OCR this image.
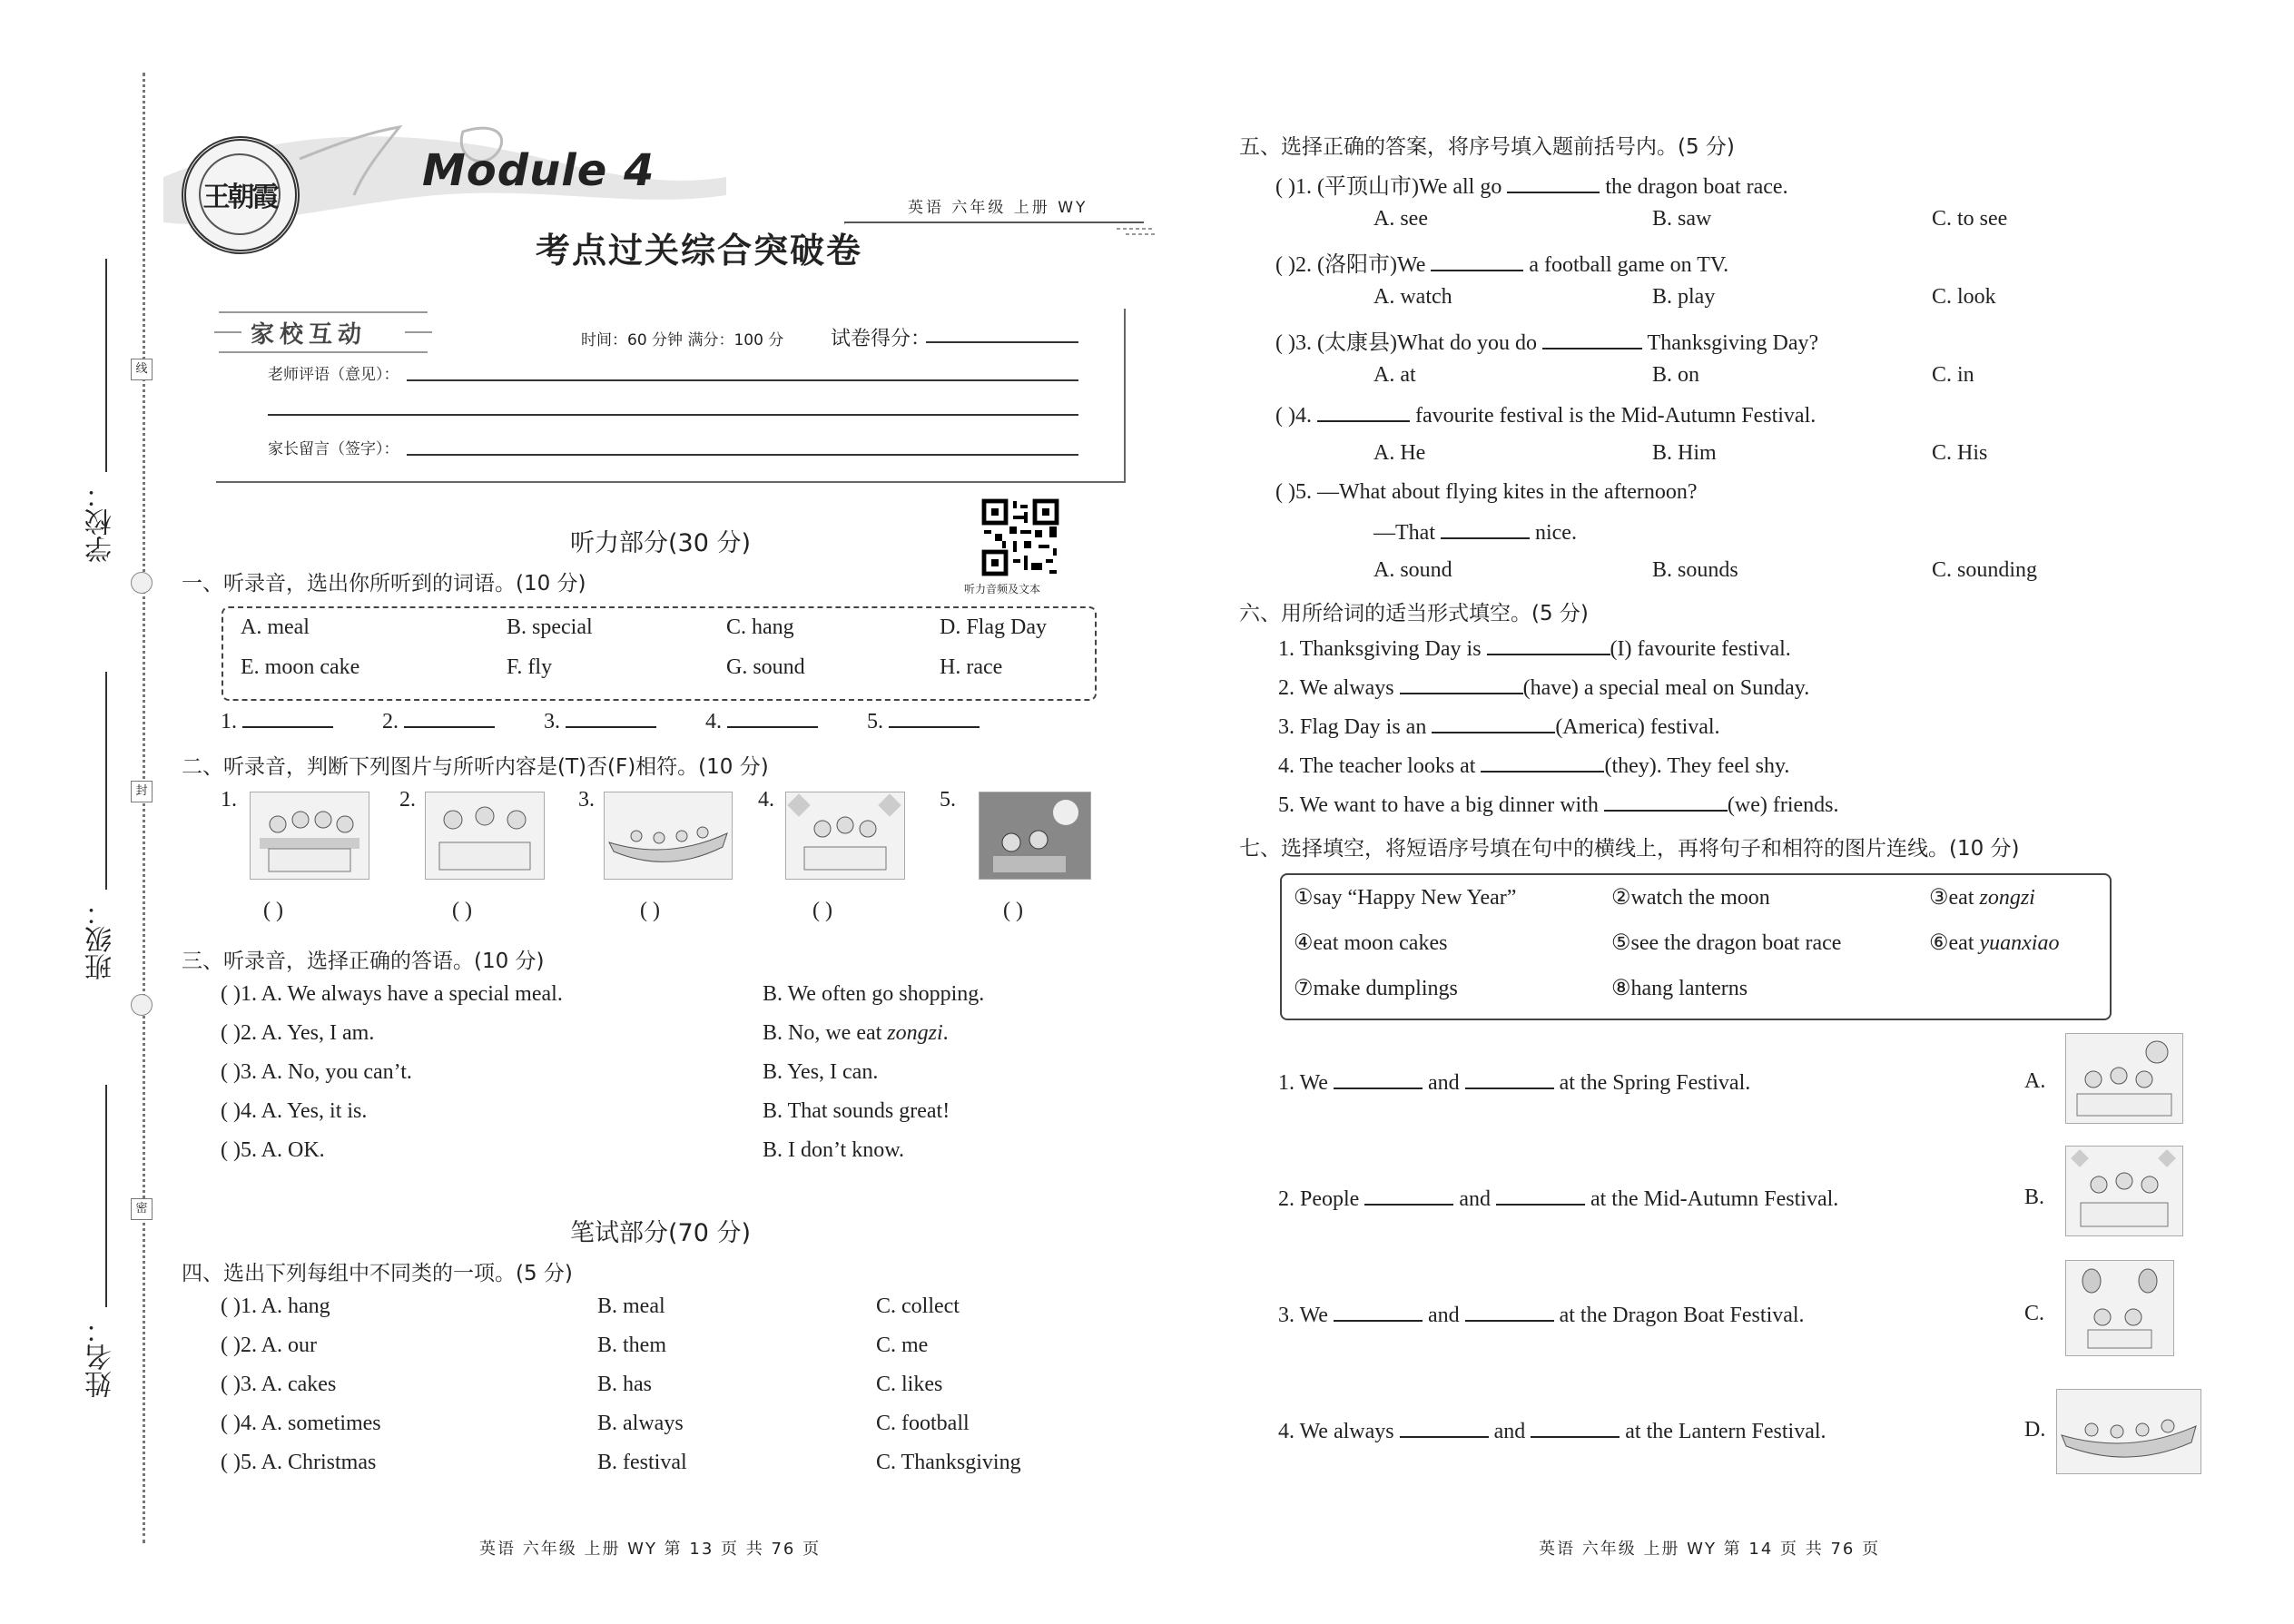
线
封
密
学校：
班级：
姓名：
王朝霞
Module 4
考点过关综合突破卷
英语 六年级 上册 WY
家校互动	时间：60 分钟 满分：100 分 试卷得分：
老师评语（意见）：
家长留言（签字）：
听力音频及文本
听力部分(30 分)
一、听录音，选出你所听到的词语。(10 分)
A. meal	B. special	C. hang	D. Flag Day
E. moon cake	F. fly	G. sound	H. race
1.	2.	3.	4.	5.
二、听录音，判断下列图片与所听内容是(T)否(F)相符。(10 分)
1.	2.	3.	4.	5.
( )	( )	( )	( )	( )
三、听录音，选择正确的答语。(10 分)
( )1. A. We always have a special meal.	B. We often go shopping.
( )2. A. Yes, I am.	B. No, we eat zongzi.
( )3. A. No, you can’t.	B. Yes, I can.
( )4. A. Yes, it is.	B. That sounds great!
( )5. A. OK.	B. I don’t know.
笔试部分(70 分)
四、选出下列每组中不同类的一项。(5 分)
( )1. A. hang	B. meal	C. collect
( )2. A. our	B. them	C. me
( )3. A. cakes	B. has	C. likes
( )4. A. sometimes	B. always	C. football
( )5. A. Christmas	B. festival	C. Thanksgiving
英语 六年级 上册 WY 第 13 页 共 76 页
五、选择正确的答案，将序号填入题前括号内。(5 分)
( )1. (平顶山市)We all go	the dragon boat race.
A. see	B. saw	C. to see
( )2. (洛阳市)We	a football game on TV.
A. watch	B. play	C. look
( )3. (太康县)What do you do	Thanksgiving Day?
A. at	B. on	C. in
( )4.	favourite festival is the Mid-Autumn Festival.
A. He	B. Him	C. His
( )5. —What about flying kites in the afternoon?
—That	nice.
A. sound	B. sounds	C. sounding
六、用所给词的适当形式填空。(5 分)
1. Thanksgiving Day is	(I) favourite festival.
2. We always	(have) a special meal on Sunday.
3. Flag Day is an	(America) festival.
4. The teacher looks at	(they). They feel shy.
5. We want to have a big dinner with	(we) friends.
七、选择填空，将短语序号填在句中的横线上，再将句子和相符的图片连线。(10 分)
①say “Happy New Year”	②watch the moon	③eat zongzi
④eat moon cakes	⑤see the dragon boat race	⑥eat yuanxiao
⑦make dumplings	⑧hang lanterns
1. We	and	at the Spring Festival.	A.
2. People	and	at the Mid-Autumn Festival.	B.
3. We	and	at the Dragon Boat Festival.	C.
4. We always	and	at the Lantern Festival.	D.
英语 六年级 上册 WY 第 14 页 共 76 页
